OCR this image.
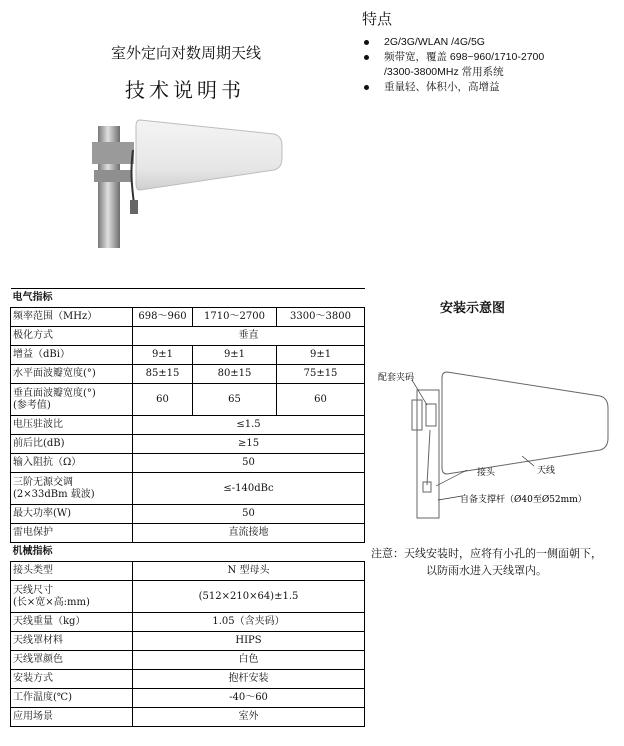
室外定向对数周期天线
技术说明书
特点
2G/3G/WLAN /4G/5G
频带宽，覆盖 698~960/1710-2700
/3300-3800MHz 常用系统
重量轻、体积小，高增益
电气指标			
频率范围（MHz）	698～960	1710～2700	3300～3800
极化方式	垂直		
增益（dBi）	9±1	9±1	9±1
水平面波瓣宽度(°)	85±15	80±15	75±15

垂直面波瓣宽度(°)
(参考值)	60	65	60
电压驻波比	≤1.5		
前后比(dB)	≥15		
输入阻抗（Ω）	50		

三阶无源交调
(2×33dBm 载波)	≤-140dBc		
最大功率(W)	50		
雷电保护	直流接地		
机械指标			
接头类型	N 型母头		

天线尺寸
(长×宽×高:mm)	(512×210×64)±1.5		
天线重量（kg）	1.05（含夹码）		
天线罩材料	HIPS		
天线罩颜色	白色		
安装方式	抱杆安装		
工作温度(℃)	-40～60		
应用场景	室外		
安装示意图
配套夹码
接头	天线
自备支撑杆（Ø40至Ø52mm）
注意：天线安装时，应将有小孔的一侧面朝下，
以防雨水进入天线罩内。
